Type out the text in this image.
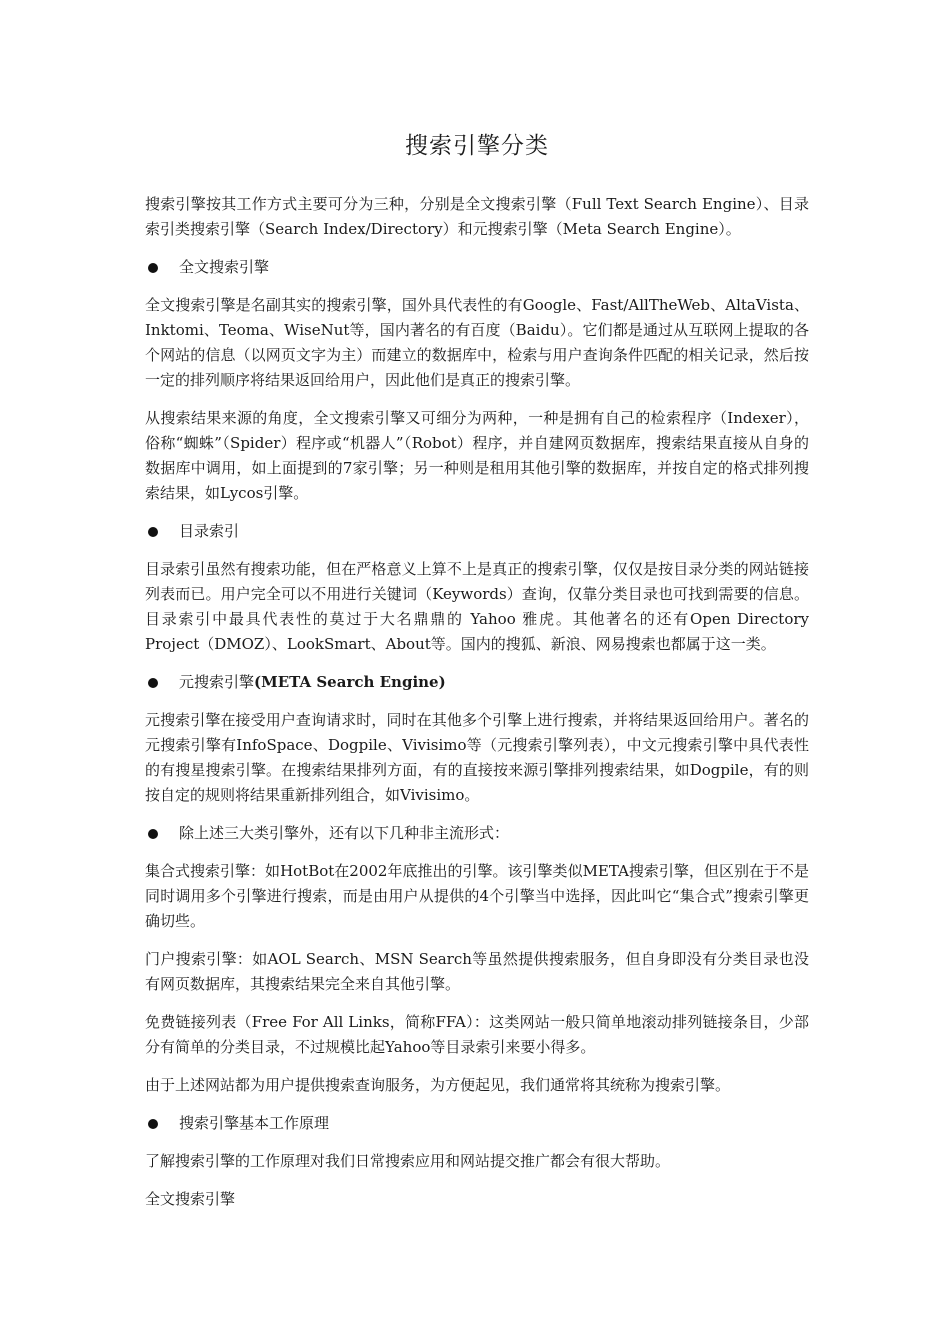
搜索引擎分类

搜索引擎按其工作方式主要可分为三种，分别是全文搜索引擎（Full Text Search Engine）、目录索引类搜索引擎（Search Index/Directory）和元搜索引擎（Meta Search Engine）。

全文搜索引擎

全文搜索引擎是名副其实的搜索引擎，国外具代表性的有Google、Fast/AllTheWeb、AltaVista、Inktomi、Teoma、WiseNut等，国内著名的有百度（Baidu）。它们都是通过从互联网上提取的各个网站的信息（以网页文字为主）而建立的数据库中，检索与用户查询条件匹配的相关记录，然后按一定的排列顺序将结果返回给用户，因此他们是真正的搜索引擎。

从搜索结果来源的角度，全文搜索引擎又可细分为两种，一种是拥有自己的检索程序（Indexer），俗称“蜘蛛”（Spider）程序或“机器人”（Robot）程序，并自建网页数据库，搜索结果直接从自身的数据库中调用，如上面提到的7家引擎；另一种则是租用其他引擎的数据库，并按自定的格式排列搜索结果，如Lycos引擎。

目录索引

目录索引虽然有搜索功能，但在严格意义上算不上是真正的搜索引擎，仅仅是按目录分类的网站链接列表而已。用户完全可以不用进行关键词（Keywords）查询，仅靠分类目录也可找到需要的信息。目录索引中最具代表性的莫过于大名鼎鼎的 Yahoo 雅虎。其他著名的还有Open Directory Project（DMOZ）、LookSmart、About等。国内的搜狐、新浪、网易搜索也都属于这一类。

元搜索引擎(META Search Engine)

元搜索引擎在接受用户查询请求时，同时在其他多个引擎上进行搜索，并将结果返回给用户。著名的元搜索引擎有InfoSpace、Dogpile、Vivisimo等（元搜索引擎列表），中文元搜索引擎中具代表性的有搜星搜索引擎。在搜索结果排列方面，有的直接按来源引擎排列搜索结果，如Dogpile，有的则按自定的规则将结果重新排列组合，如Vivisimo。

除上述三大类引擎外，还有以下几种非主流形式：

集合式搜索引擎：如HotBot在2002年底推出的引擎。该引擎类似META搜索引擎，但区别在于不是同时调用多个引擎进行搜索，而是由用户从提供的4个引擎当中选择，因此叫它“集合式”搜索引擎更确切些。

门户搜索引擎：如AOL Search、MSN Search等虽然提供搜索服务，但自身即没有分类目录也没有网页数据库，其搜索结果完全来自其他引擎。

免费链接列表（Free For All Links，简称FFA）：这类网站一般只简单地滚动排列链接条目，少部分有简单的分类目录，不过规模比起Yahoo等目录索引来要小得多。

由于上述网站都为用户提供搜索查询服务，为方便起见，我们通常将其统称为搜索引擎。

搜索引擎基本工作原理

了解搜索引擎的工作原理对我们日常搜索应用和网站提交推广都会有很大帮助。

全文搜索引擎
